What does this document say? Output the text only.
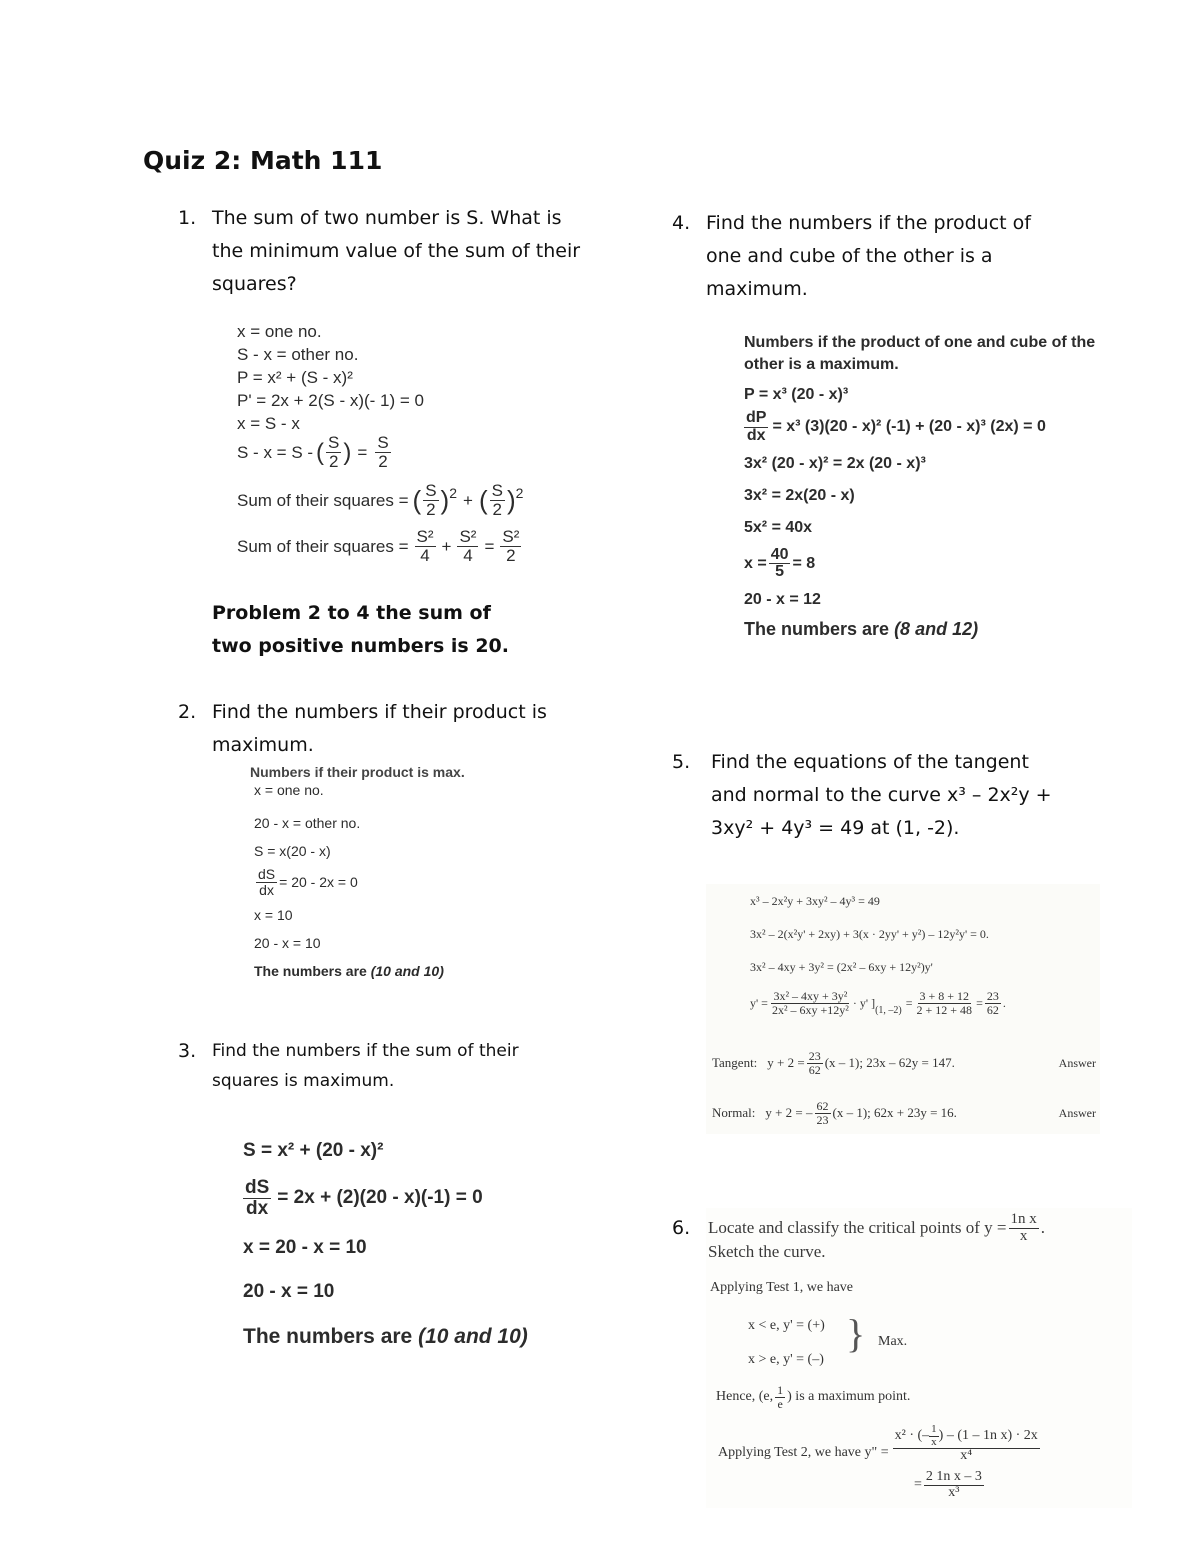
Quiz 2: Math 111
1. The sum of two number is S. What is the minimum value of the sum of their squares?
x = one no.
S - x = other no.
P = x² + (S - x)²
P' = 2x + 2(S - x)(- 1) = 0
x = S - x
S - x = S - ( $\frac{S}{2}$ ) = $\frac{S}{2}$
Sum of their squares = ( $\frac{S}{2} )^2$ + ( $\frac{S}{2} )^2$
Sum of their squares = $\frac{\text{S²}}{4} + \frac{\text{S²}}{4} = \frac{\text{S²}}{2}$
Problem 2 to 4 the sum of two positive numbers is 20.
2. Find the numbers if their product is maximum.
Numbers if their product is max.
x = one no.
20 - x = other no.
S = x(20 - x)
$\frac{dS}{dx} = 20 - 2x = 0$
x = 10
20 - x = 10
The numbers are (10 and 10)
3. Find the numbers if the sum of their squares is maximum.
S = x² + (20 - x)²
$\frac{dS}{dx} = 2x + (2)(20 - x)(-1) = 0$
x = 20 - x = 10
20 - x = 10
The numbers are (10 and 10)
4. Find the numbers if the product of one and cube of the other is a maximum.
Numbers if the product of one and cube of the other is a maximum.
P = x³ (20 - x)³
$\frac{dP}{dx} = x^3$ (3)(20 - x)² (-1) + (20 - x)³ (2x) = 0
3x² (20 - x)² = 2x (20 - x)³
3x² = 2x(20 - x)
5x² = 40x
$x = \frac{40}{5} = 8$
20 - x = 12
The numbers are (8 and 12)
5. Find the equations of the tangent and normal to the curve x³ – 2x²y + 3xy² + 4y³ = 49 at (1, -2).
x³ – 2x²y + 3xy² – 4y³ = 49
3x² – 2(x²y' + 2xy) + 3(x · 2yy' + y²) – 12y²y' = 0.
3x² – 4xy + 3y² = (2x² – 6xy + 12y²)y'
$y' = \frac{\text{3x² – 4xy + 3y²}}{\text{2x² – 6xy +12y²}} \cdot y'$ ]
$_{(1, -2)}$
= $\frac{3 + 8 + 12}{2 + 12 + 48} = \frac{23}{62}$ .
Tangent: $y + 2 = \frac{23}{62} (x - 1)$; 23x – 62y = 147.	Answer
Normal: y + 2 = – $\frac{62}{23} (x - 1)$; 62x + 23y = 16.	Answer
6. Locate and classify the critical points of $y = \frac{\text{1n x}}{x}$ .
Sketch the curve.
Applying Test 1, we have
x < e, y' = (+)
x > e, y' = (–)
} Max.
Hence, (e, $\frac{1}{e}$ ) is a maximum point.
Applying Test 2, we have y" = $\frac{x^2 \cdot (- \frac{1}{x} ) - (1 - 1n x) \cdot 2x}{\text{x⁴}}$
= $\frac{\text{2 1n x – 3}}{\text{x³}}$
